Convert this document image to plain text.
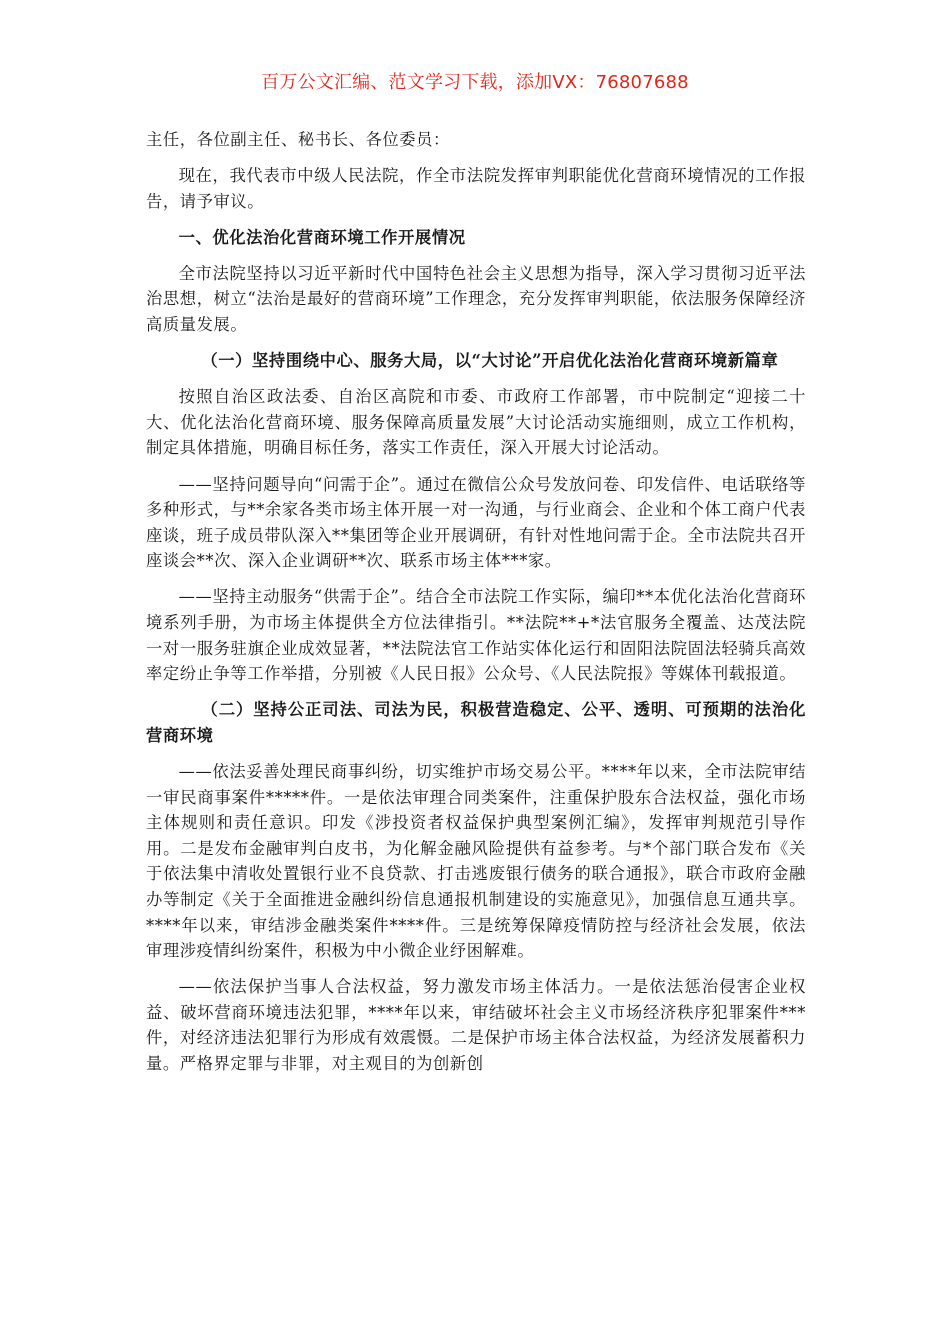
百万公文汇编、范文学习下载，添加VX：76807688

主任，各位副主任、秘书长、各位委员：

现在，我代表市中级人民法院，作全市法院发挥审判职能优化营商环境情况的工作报告，请予审议。

一、优化法治化营商环境工作开展情况

全市法院坚持以习近平新时代中国特色社会主义思想为指导，深入学习贯彻习近平法治思想，树立“法治是最好的营商环境”工作理念，充分发挥审判职能，依法服务保障经济高质量发展。

（一）坚持围绕中心、服务大局，以“大讨论”开启优化法治化营商环境新篇章

按照自治区政法委、自治区高院和市委、市政府工作部署，市中院制定“迎接二十大、优化法治化营商环境、服务保障高质量发展”大讨论活动实施细则，成立工作机构，制定具体措施，明确目标任务，落实工作责任，深入开展大讨论活动。

——坚持问题导向“问需于企”。通过在微信公众号发放问卷、印发信件、电话联络等多种形式，与**余家各类市场主体开展一对一沟通，与行业商会、企业和个体工商户代表座谈，班子成员带队深入**集团等企业开展调研，有针对性地问需于企。全市法院共召开座谈会**次、深入企业调研**次、联系市场主体***家。

——坚持主动服务“供需于企”。结合全市法院工作实际，编印**本优化法治化营商环境系列手册，为市场主体提供全方位法律指引。**法院**+*法官服务全覆盖、达茂法院一对一服务驻旗企业成效显著，**法院法官工作站实体化运行和固阳法院固法轻骑兵高效率定纷止争等工作举措，分别被《人民日报》公众号、《人民法院报》等媒体刊载报道。

（二）坚持公正司法、司法为民，积极营造稳定、公平、透明、可预期的法治化营商环境

——依法妥善处理民商事纠纷，切实维护市场交易公平。****年以来，全市法院审结一审民商事案件*****件。一是依法审理合同类案件，注重保护股东合法权益，强化市场主体规则和责任意识。印发《涉投资者权益保护典型案例汇编》，发挥审判规范引导作用。二是发布金融审判白皮书，为化解金融风险提供有益参考。与*个部门联合发布《关于依法集中清收处置银行业不良贷款、打击逃废银行债务的联合通报》，联合市政府金融办等制定《关于全面推进金融纠纷信息通报机制建设的实施意见》，加强信息互通共享。****年以来，审结涉金融类案件****件。三是统筹保障疫情防控与经济社会发展，依法审理涉疫情纠纷案件，积极为中小微企业纾困解难。

——依法保护当事人合法权益，努力激发市场主体活力。一是依法惩治侵害企业权益、破坏营商环境违法犯罪，****年以来，审结破坏社会主义市场经济秩序犯罪案件***件，对经济违法犯罪行为形成有效震慑。二是保护市场主体合法权益，为经济发展蓄积力量。严格界定罪与非罪，对主观目的为创新创
